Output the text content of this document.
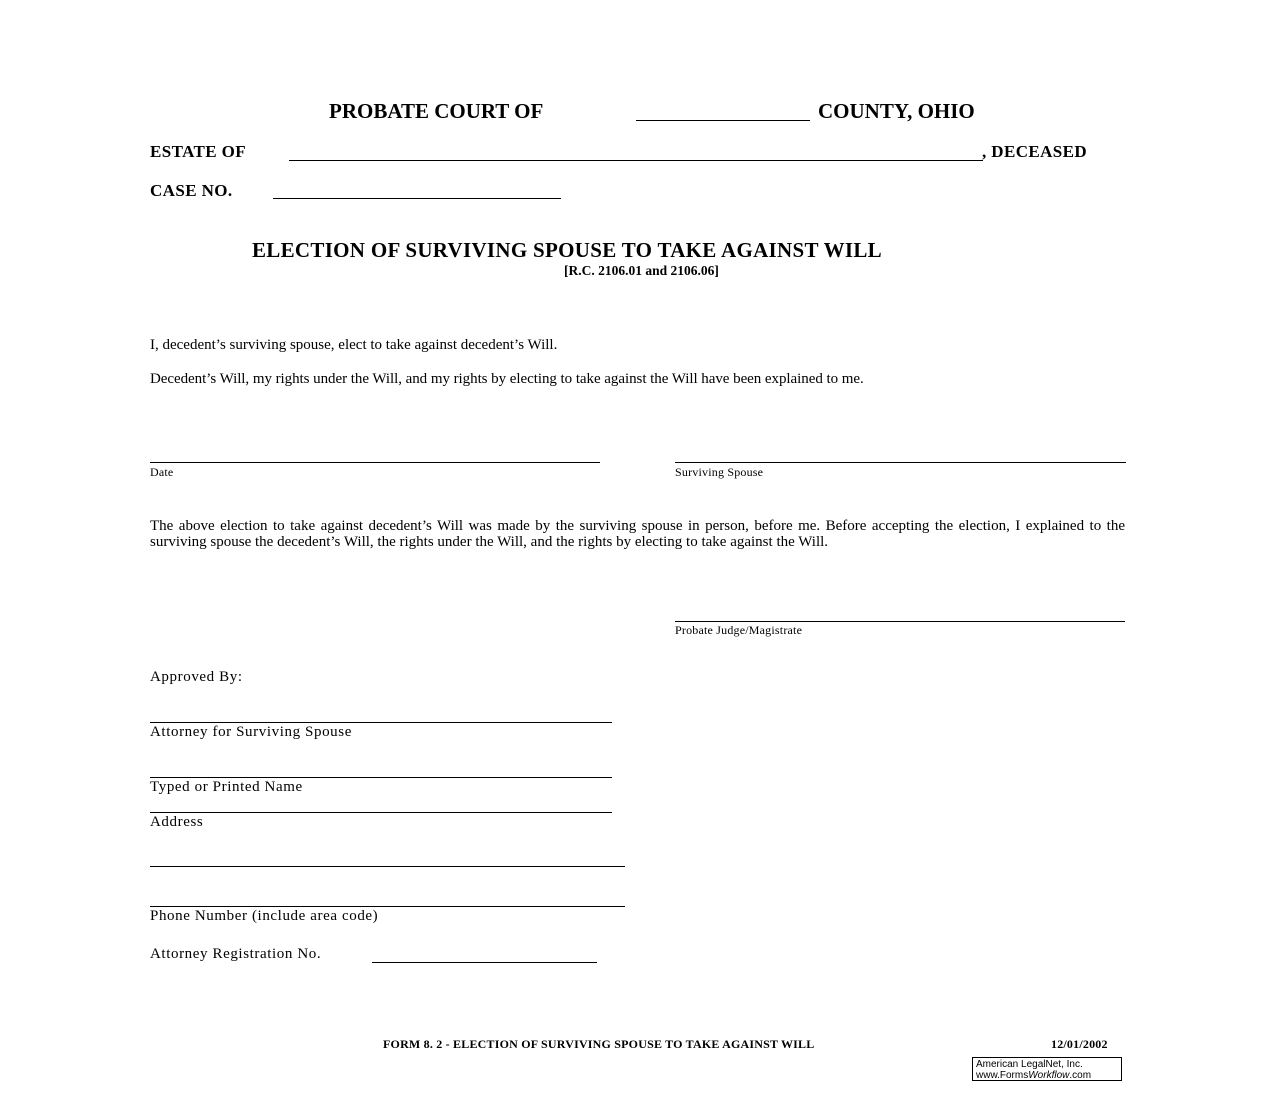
PROBATE COURT OF	COUNTY, OHIO
ESTATE OF	, DECEASED
CASE NO.
ELECTION OF SURVIVING SPOUSE TO TAKE AGAINST WILL
[R.C. 2106.01 and 2106.06]
I, decedent’s surviving spouse, elect to take against decedent’s Will.
Decedent’s Will, my rights under the Will, and my rights by electing to take against the Will have been explained to me.
Date	Surviving Spouse
The above election to take against decedent’s Will was made by the surviving spouse in person, before me. Before accepting the election, I explained to the surviving spouse the decedent’s Will, the rights under the Will, and the rights by electing to take against the Will.
Probate Judge/Magistrate
Approved By:
Attorney for Surviving Spouse
Typed or Printed Name
Address
Phone Number (include area code)
Attorney Registration No.
FORM 8. 2 - ELECTION OF SURVIVING SPOUSE TO TAKE AGAINST WILL	12/01/2002
American LegalNet, Inc.
www.FormsWorkflow.com
